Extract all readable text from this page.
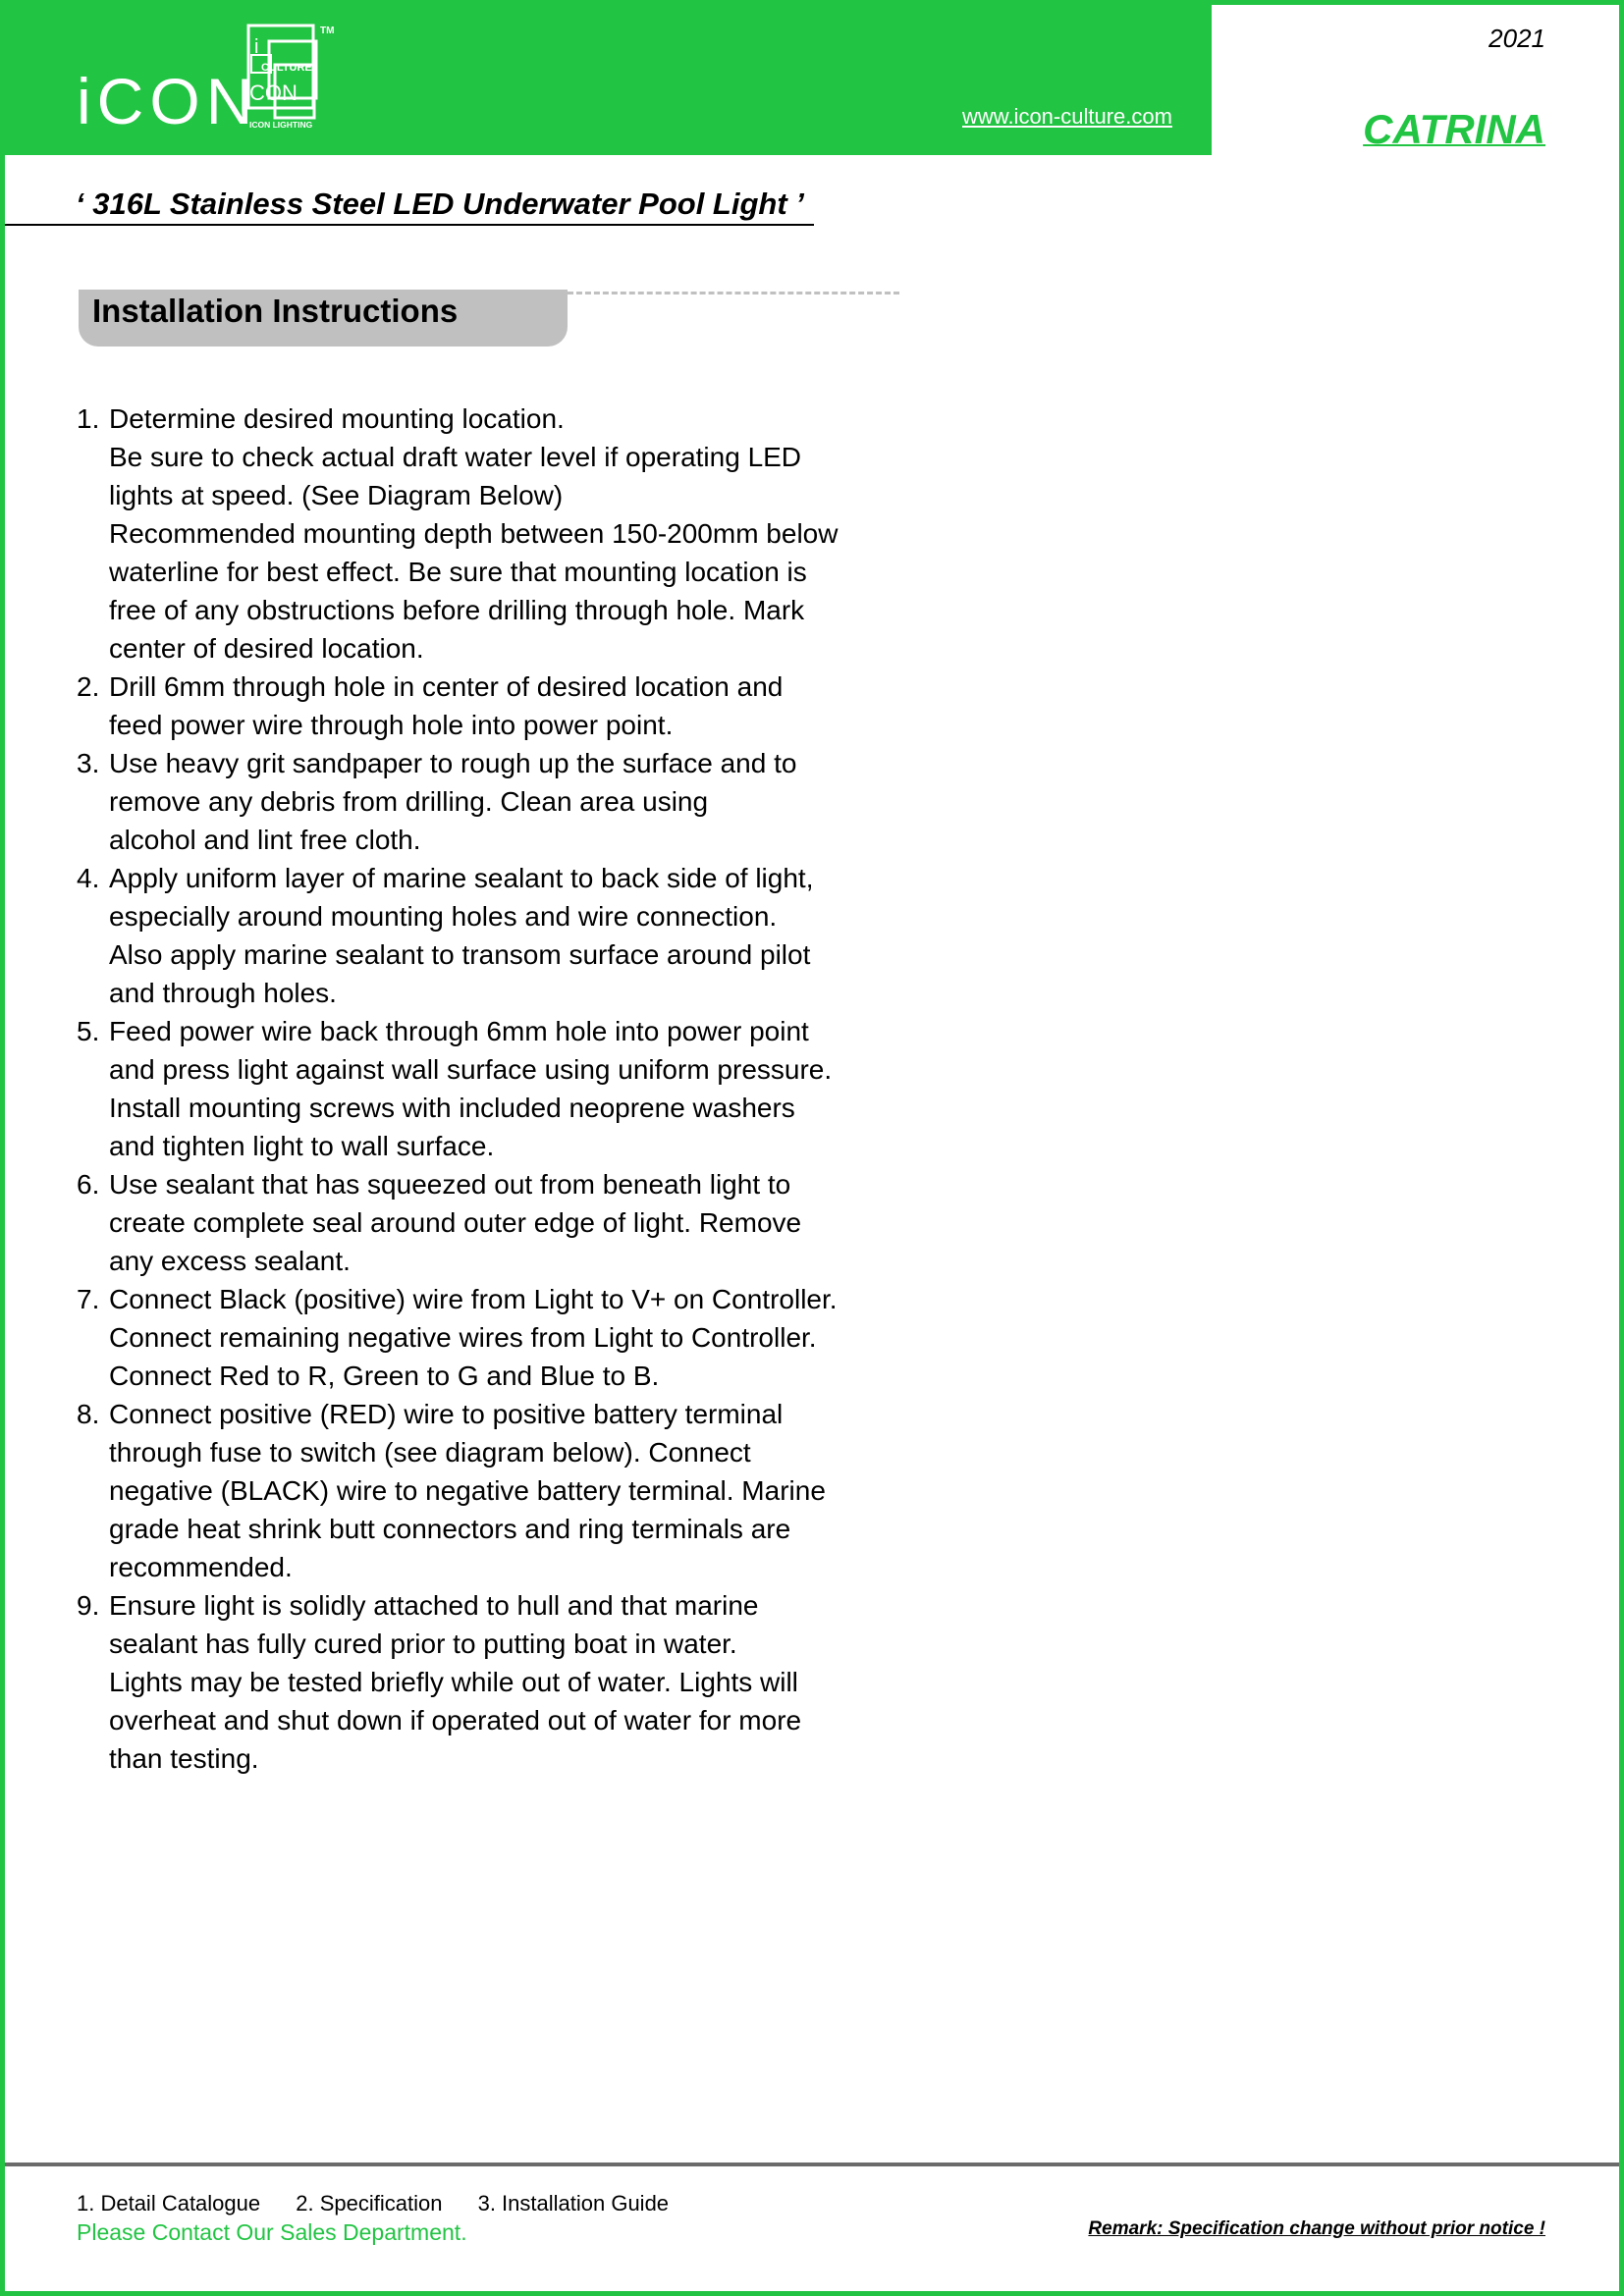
iCON
i
CULTURE
CON
ICON LIGHTING
TM
www.icon-culture.com
2021
CATRINA
‘ 316L Stainless Steel LED Underwater Pool Light ’
Installation Instructions
1. Determine desired mounting location.
Be sure to check actual draft water level if operating LED
lights at speed. (See Diagram Below)
Recommended mounting depth between 150-200mm below
waterline for best effect. Be sure that mounting location is
free of any obstructions before drilling through hole. Mark
center of desired location.
2. Drill 6mm through hole in center of desired location and
feed power wire through hole into power point.
3. Use heavy grit sandpaper to rough up the surface and to
remove any debris from drilling. Clean area using
alcohol and lint free cloth.
4. Apply uniform layer of marine sealant to back side of light,
especially around mounting holes and wire connection.
Also apply marine sealant to transom surface around pilot
and through holes.
5. Feed power wire back through 6mm hole into power point
and press light against wall surface using uniform pressure.
Install mounting screws with included neoprene washers
and tighten light to wall surface.
6. Use sealant that has squeezed out from beneath light to
create complete seal around outer edge of light. Remove
any excess sealant.
7. Connect Black (positive) wire from Light to V+ on Controller.
Connect remaining negative wires from Light to Controller.
Connect Red to R, Green to G and Blue to B.
8. Connect positive (RED) wire to positive battery terminal
through fuse to switch (see diagram below). Connect
negative (BLACK) wire to negative battery terminal. Marine
grade heat shrink butt connectors and ring terminals are
recommended.
9. Ensure light is solidly attached to hull and that marine
sealant has fully cured prior to putting boat in water.
Lights may be tested briefly while out of water. Lights will
overheat and shut down if operated out of water for more
than testing.
1. Detail Catalogue 2. Specification 3. Installation Guide
Please Contact Our Sales Department.	Remark: Specification change without prior notice !
